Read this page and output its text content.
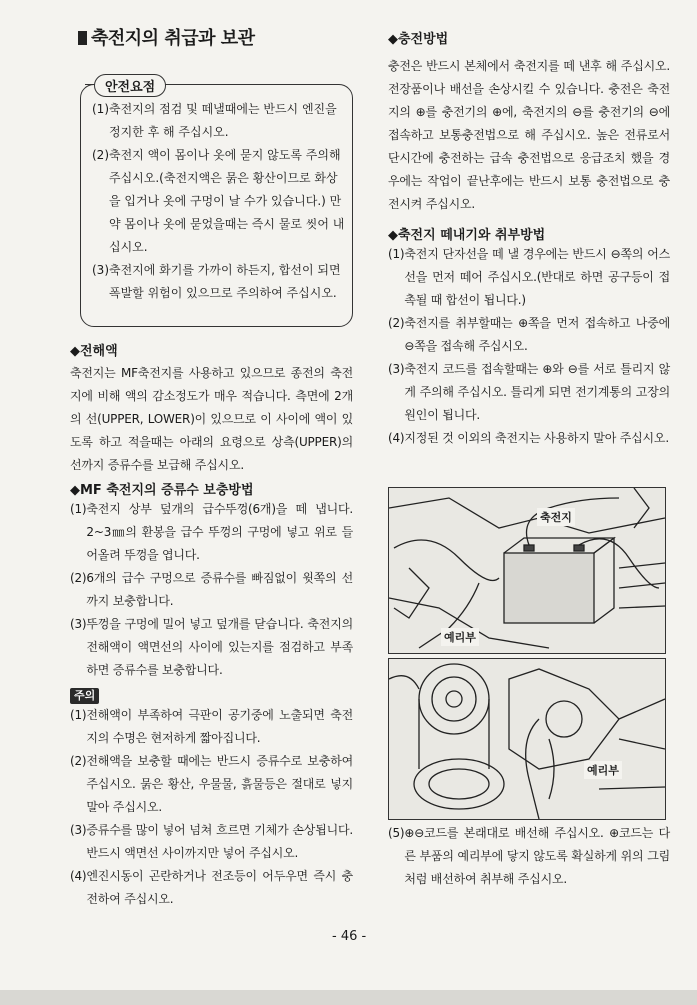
축전지의 취급과 보관
안전요점
(1) 축전지의 점검 및 떼낼때에는 반드시 엔진을 정지한 후 해 주십시오.
(2) 축전지 액이 몸이나 옷에 묻지 않도록 주의해 주십시오.(축전지액은 묽은 황산이므로 화상을 입거나 옷에 구멍이 날 수가 있습니다.) 만약 몸이나 옷에 묻었을때는 즉시 물로 씻어 내십시오.
(3) 축전지에 화기를 가까이 하든지, 합선이 되면 폭발할 위험이 있으므로 주의하여 주십시오.

◆전해액

축전지는 MF축전지를 사용하고 있으므로 종전의 축전지에 비해 액의 감소정도가 매우 적습니다. 측면에 2개의 선(UPPER, LOWER)이 있으므로 이 사이에 액이 있도록 하고 적을때는 아래의 요령으로 상측(UPPER)의 선까지 증류수를 보급해 주십시오.

◆MF 축전지의 증류수 보충방법

(1) 축전지 상부 덮개의 급수뚜껑(6개)을 떼 냅니다. 2~3㎜의 환봉을 급수 뚜껑의 구멍에 넣고 위로 들어올려 뚜껑을 엽니다.
(2) 6개의 급수 구멍으로 증류수를 빠짐없이 윗쪽의 선까지 보충합니다.
(3) 뚜껑을 구멍에 밀어 넣고 덮개를 닫습니다. 축전지의 전해액이 액면선의 사이에 있는지를 점검하고 부족하면 증류수를 보충합니다.
주의
(1) 전해액이 부족하여 극판이 공기중에 노출되면 축전지의 수명은 현저하게 짧아집니다.
(2) 전해액을 보충할 때에는 반드시 증류수로 보충하여 주십시오. 묽은 황산, 우물물, 흙물등은 절대로 넣지 말아 주십시오.
(3) 증류수를 많이 넣어 넘쳐 흐르면 기체가 손상됩니다. 반드시 액면선 사이까지만 넣어 주십시오.
(4) 엔진시동이 곤란하거나 전조등이 어두우면 즉시 충전하여 주십시오.

◆충전방법

충전은 반드시 본체에서 축전지를 떼 낸후 해 주십시오. 전장품이나 배선을 손상시킬 수 있습니다. 충전은 축전지의 ⊕를 충전기의 ⊕에, 축전지의 ⊖를 충전기의 ⊖에 접속하고 보통충전법으로 해 주십시오. 높은 전류로서 단시간에 충전하는 급속 충전법으로 응급조치 했을 경우에는 작업이 끝난후에는 반드시 보통 충전법으로 충전시켜 주십시오.

◆축전지 떼내기와 취부방법

(1) 축전지 단자선을 떼 낼 경우에는 반드시 ⊖쪽의 어스선을 먼저 떼어 주십시오.(반대로 하면 공구등이 접촉될 때 합선이 됩니다.)
(2) 축전지를 취부할때는 ⊕쪽을 먼저 접속하고 나중에 ⊖쪽을 접속해 주십시오.
(3) 축전지 코드를 접속할때는 ⊕와 ⊖를 서로 틀리지 않게 주의해 주십시오. 틀리게 되면 전기계통의 고장의 원인이 됩니다.
(4) 지정된 것 이외의 축전지는 사용하지 말아 주십시오.
축전지
예리부
예리부
(5) ⊕⊖코드를 본래대로 배선해 주십시오. ⊕코드는 다른 부품의 예리부에 닿지 않도록 확실하게 위의 그림처럼 배선하여 취부해 주십시오.
- 46 -
